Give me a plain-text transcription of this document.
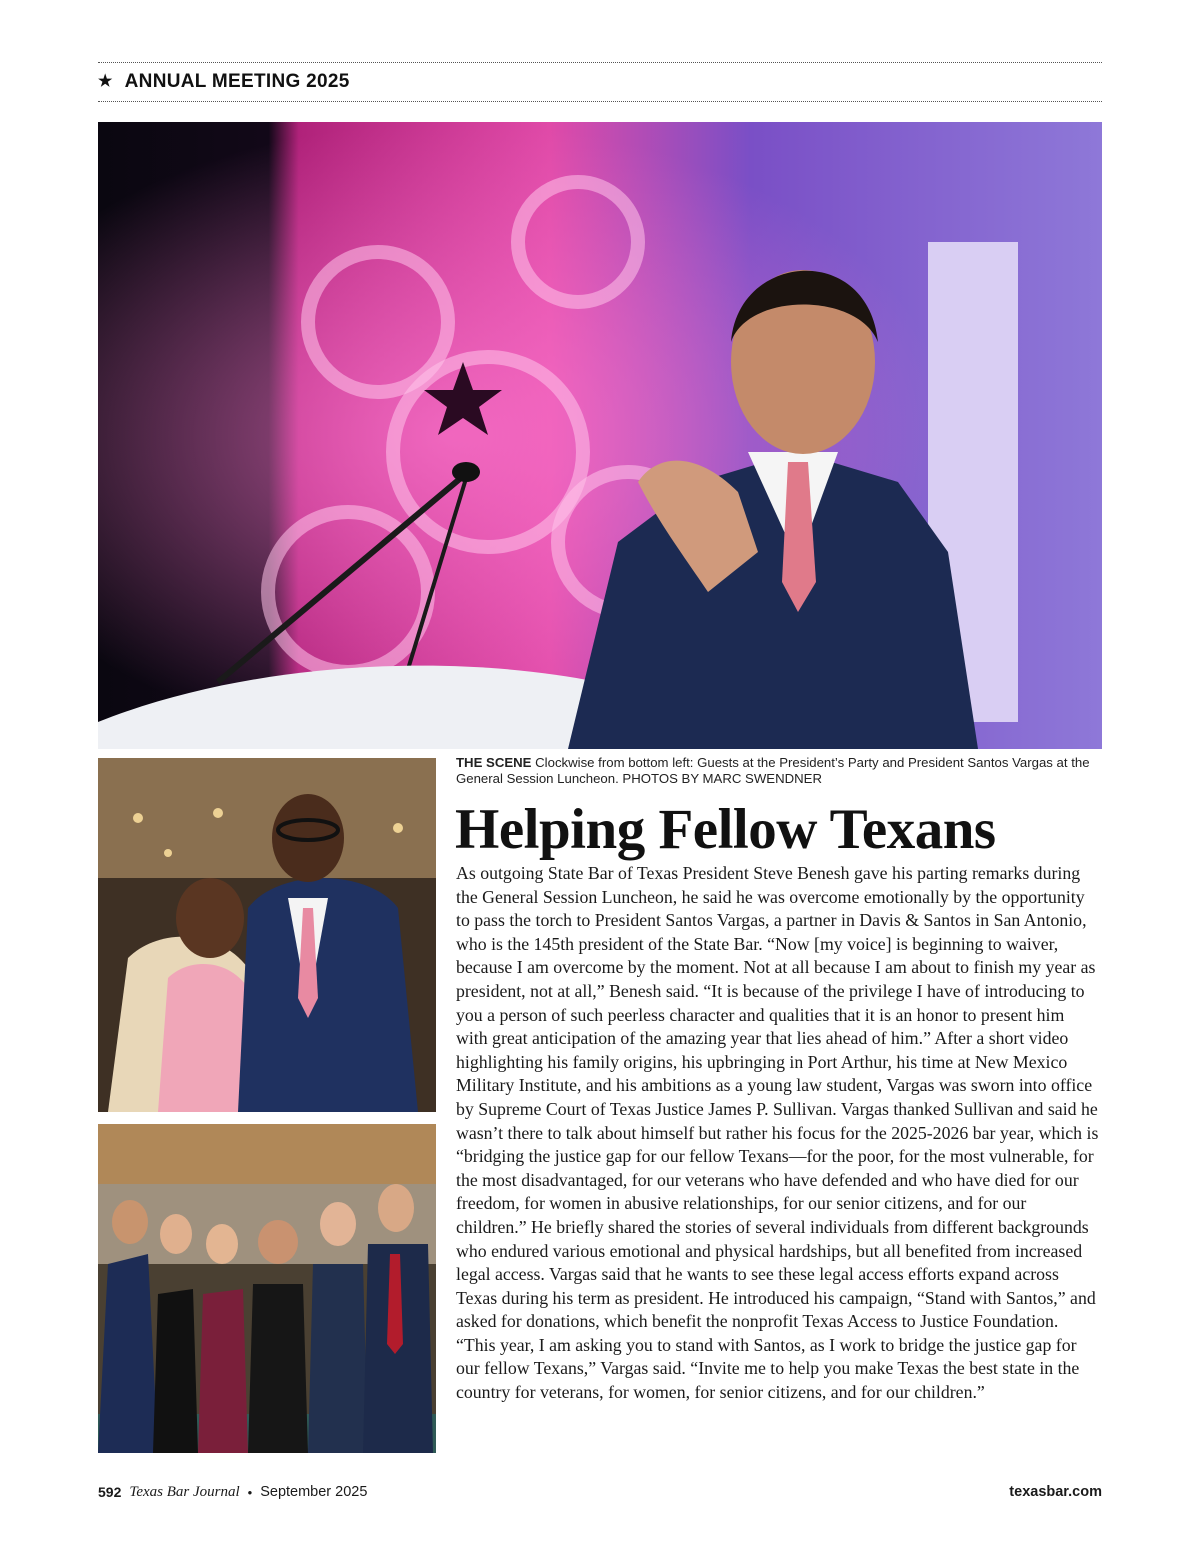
★ ANNUAL MEETING 2025
THE SCENE Clockwise from bottom left: Guests at the President’s Party and President Santos Vargas at the General Session Luncheon. PHOTOS BY MARC SWENDNER
Helping Fellow Texans

As outgoing State Bar of Texas President Steve Benesh gave his parting remarks during the General Session Luncheon, he said he was overcome emotionally by the opportunity to pass the torch to President Santos Vargas, a partner in Davis & Santos in San Antonio, who is the 145th president of the State Bar. “Now [my voice] is beginning to waiver, because I am overcome by the moment. Not at all because I am about to finish my year as president, not at all,” Benesh said. “It is because of the privilege I have of introducing to you a person of such peerless character and qualities that it is an honor to present him with great anticipation of the amazing year that lies ahead of him.” After a short video highlighting his family origins, his upbringing in Port Arthur, his time at New Mexico Military Institute, and his ambitions as a young law student, Vargas was sworn into office by Supreme Court of Texas Justice James P. Sullivan. Vargas thanked Sullivan and said he wasn’t there to talk about himself but rather his focus for the 2025-2026 bar year, which is “bridging the justice gap for our fellow Texans—for the poor, for the most vulnerable, for the most disadvantaged, for our veterans who have defended and who have died for our freedom, for women in abusive relationships, for our senior citizens, and for our children.” He briefly shared the stories of several individuals from different backgrounds who endured various emotional and physical hardships, but all benefited from increased legal access. Vargas said that he wants to see these legal access efforts expand across Texas during his term as president. He introduced his campaign, “Stand with Santos,” and asked for donations, which benefit the nonprofit Texas Access to Justice Foundation. “This year, I am asking you to stand with Santos, as I work to bridge the justice gap for our fellow Texans,” Vargas said. “Invite me to help you make Texas the best state in the country for veterans, for women, for senior citizens, and for our children.”

592 Texas Bar Journal • September 2025	texasbar.com
